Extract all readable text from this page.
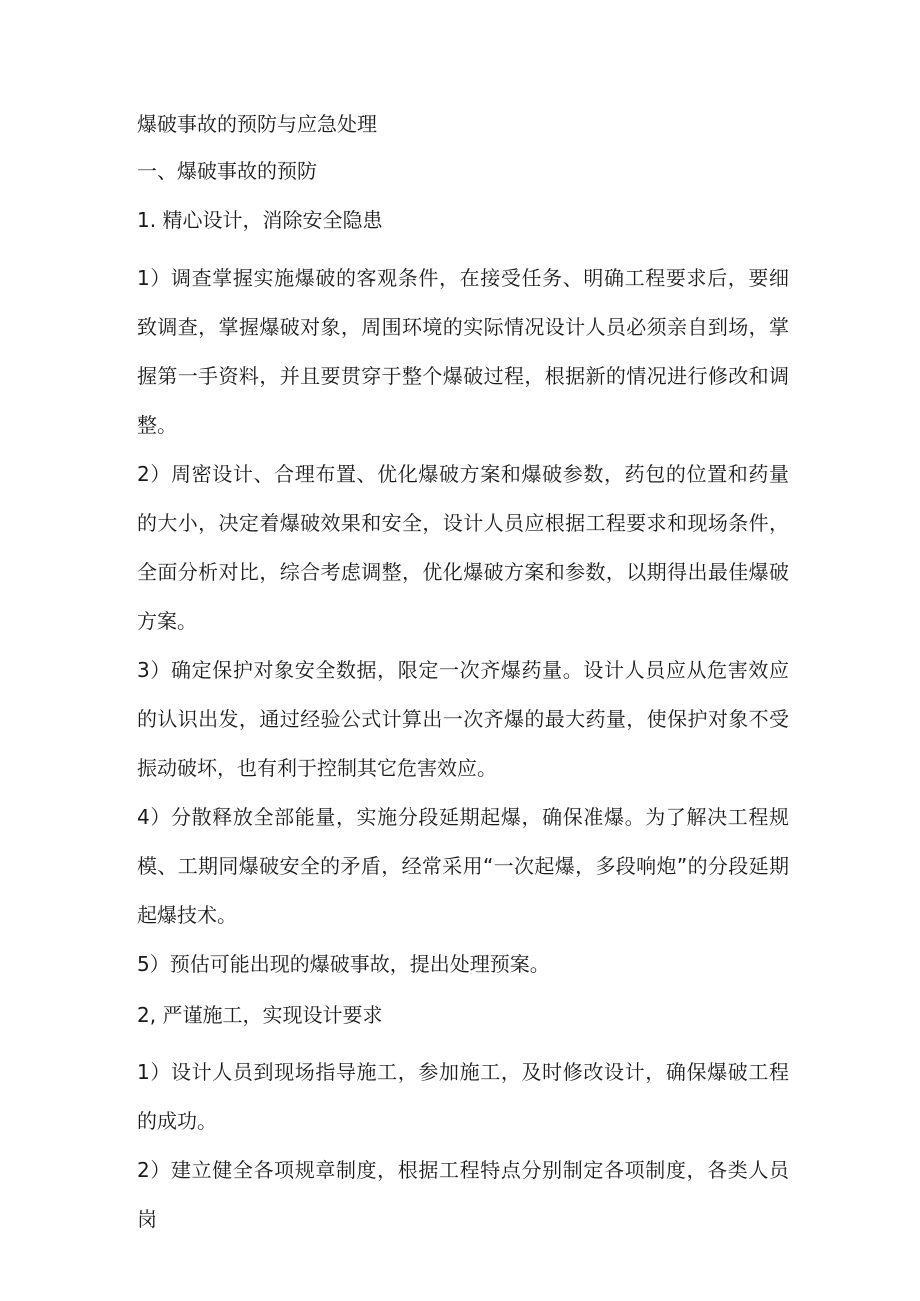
爆破事故的预防与应急处理

一、爆破事故的预防

1. 精心设计，消除安全隐患

1）调查掌握实施爆破的客观条件，在接受任务、明确工程要求后，要细致调查，掌握爆破对象，周围环境的实际情况设计人员必须亲自到场，掌握第一手资料，并且要贯穿于整个爆破过程，根据新的情况进行修改和调整。

2）周密设计、合理布置、优化爆破方案和爆破参数，药包的位置和药量的大小，决定着爆破效果和安全，设计人员应根据工程要求和现场条件，全面分析对比，综合考虑调整，优化爆破方案和参数，以期得出最佳爆破方案。

3）确定保护对象安全数据，限定一次齐爆药量。设计人员应从危害效应的认识出发，通过经验公式计算出一次齐爆的最大药量，使保护对象不受振动破坏，也有利于控制其它危害效应。

4）分散释放全部能量，实施分段延期起爆，确保准爆。为了解决工程规模、工期同爆破安全的矛盾，经常采用“一次起爆，多段响炮”的分段延期起爆技术。

5）预估可能出现的爆破事故，提出处理预案。

2, 严谨施工，实现设计要求

1）设计人员到现场指导施工，参加施工，及时修改设计，确保爆破工程的成功。

2）建立健全各项规章制度，根据工程特点分别制定各项制度，各类人员岗
